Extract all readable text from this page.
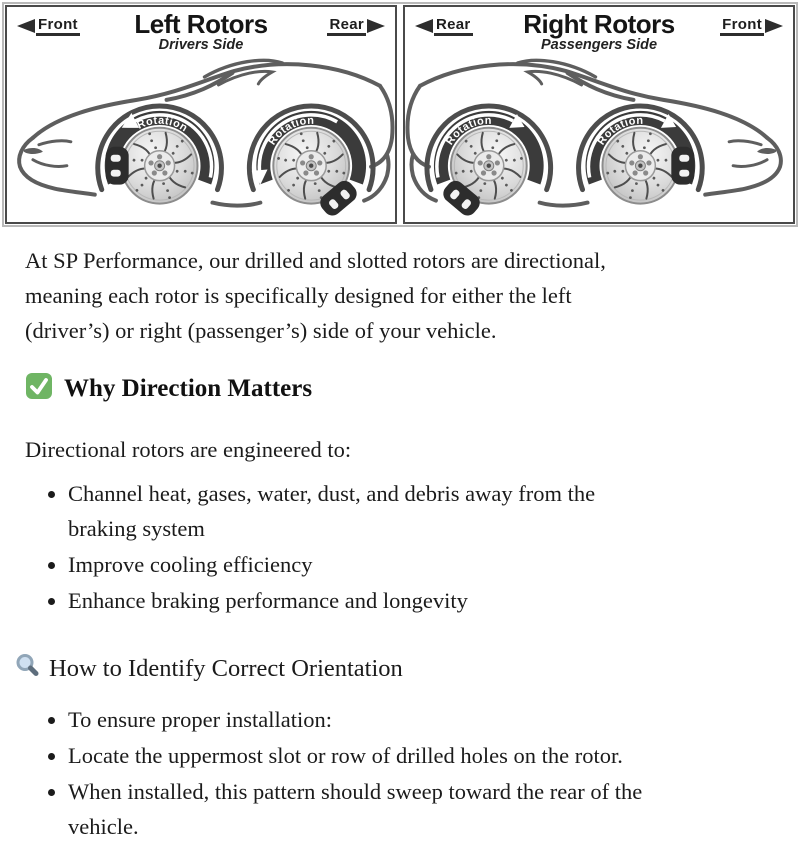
Front	Left Rotors
Drivers Side
Rear
Rotation
Rotation
Rear	Right Rotors
Passengers Side
Front
Rotation
Rotation

At SP Performance, our drilled and slotted rotors are directional,
meaning each rotor is specifically designed for either the left
(driver’s) or right (passenger’s) side of your vehicle.

Why Direction Matters

Directional rotors are engineered to:

• Channel heat, gases, water, dust, and debris away from the
braking system
• Improve cooling efficiency
• Enhance braking performance and longevity
How to Identify Correct Orientation
• To ensure proper installation:
• Locate the uppermost slot or row of drilled holes on the rotor.
• When installed, this pattern should sweep toward the rear of the
vehicle.
